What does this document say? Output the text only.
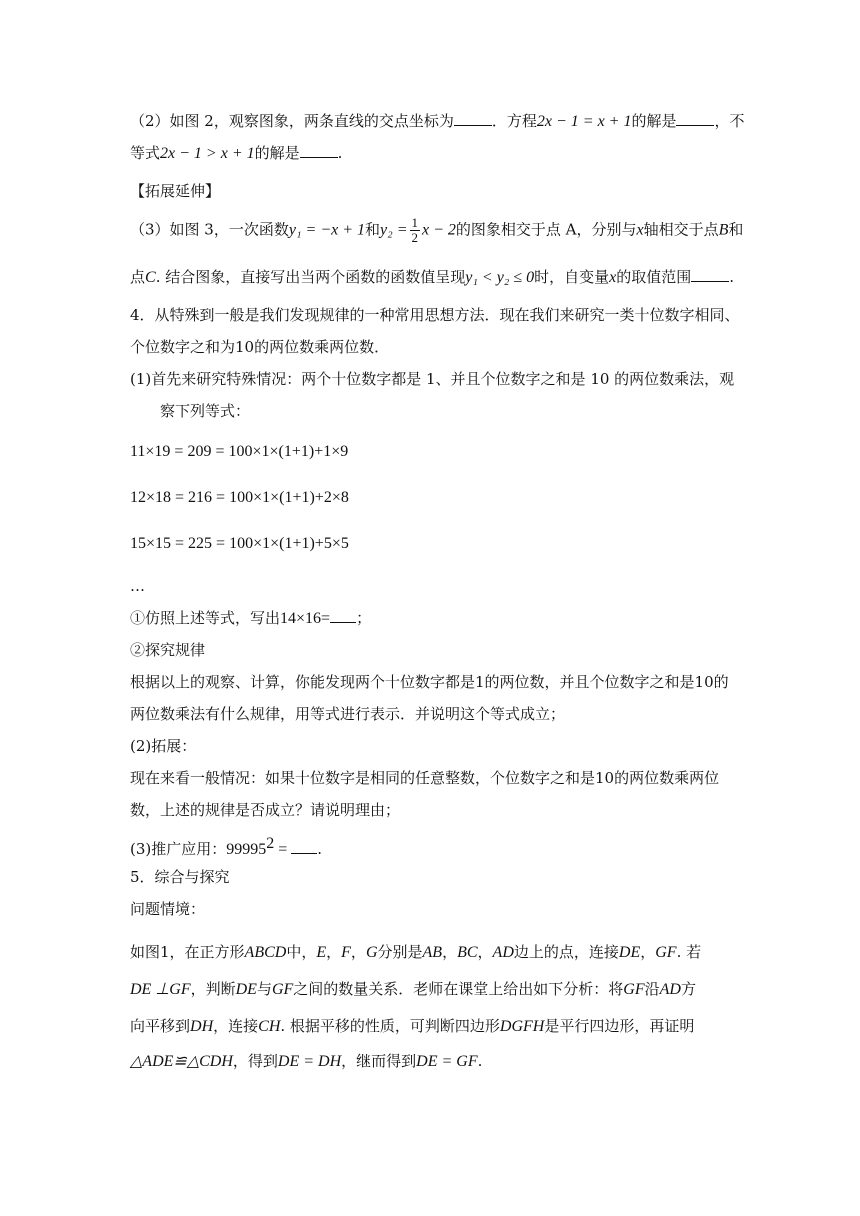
（2）如图 2，观察图象，两条直线的交点坐标为	．方程2x − 1 = x + 1的解是	，不
等式2x − 1 > x + 1的解是	.
【拓展延伸】
（3）如图 3，一次函数y₁ = −x + 1和$y_2 = \frac{1}{2}$ x − 2的图象相交于点 A，分别与x轴相交于点B和
点C. 结合图象，直接写出当两个函数的函数值呈现y₁ < y₂ ≤ 0时，自变量x的取值范围	.
4．从特殊到一般是我们发现规律的一种常用思想方法．现在我们来研究一类十位数字相同、
个位数字之和为10的两位数乘两位数．
(1)首先来研究特殊情况：两个十位数字都是 1、并且个位数字之和是 10 的两位数乘法，观
察下列等式：
11×19 = 209 = 100×1×(1+1)+1×9
12×18 = 216 = 100×1×(1+1)+2×8
15×15 = 225 = 100×1×(1+1)+5×5
…
①仿照上述等式，写出14×16= ；
②探究规律
根据以上的观察、计算，你能发现两个十位数字都是1的两位数，并且个位数字之和是10的
两位数乘法有什么规律，用等式进行表示．并说明这个等式成立；
(2)拓展：
现在来看一般情况：如果十位数字是相同的任意整数，个位数字之和是10的两位数乘两位
数，上述的规律是否成立？请说明理由；
(3)推广应用：$99995^2$ = .
5．综合与探究
问题情境：
如图1，在正方形ABCD中，E，F，G分别是AB，BC，AD边上的点，连接DE，GF. 若
DE ⊥GF，判断DE与GF之间的数量关系．老师在课堂上给出如下分析：将GF沿AD方
向平移到DH，连接CH. 根据平移的性质，可判断四边形DGFH是平行四边形，再证明
△ADE≌△CDH，得到DE = DH，继而得到DE = GF.
